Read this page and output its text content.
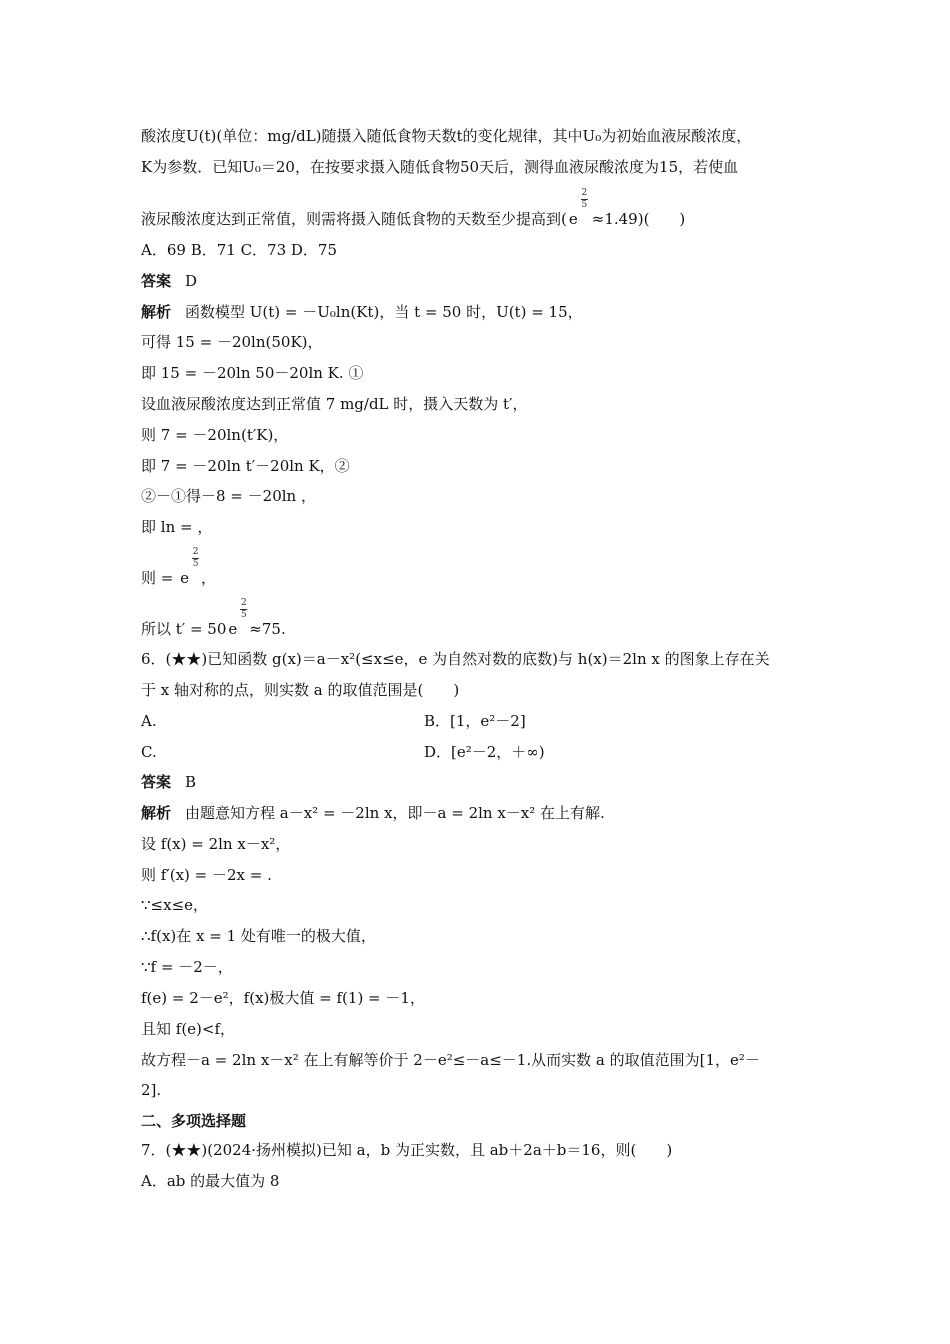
酸浓度U(t)(单位：mg/dL)随摄入随低食物天数t的变化规律，其中U₀为初始血液尿酸浓度，
K为参数．已知U₀＝20，在按要求摄入随低食物50天后，测得血液尿酸浓度为15，若使血
液尿酸浓度达到正常值，则需将摄入随低食物的天数至少提高到( e
2
5
≈1.49)(　　)
A．69 B．71 C．73 D．75
答案 D
解析 函数模型 U(t) = －U₀ln(Kt)，当 t = 50 时，U(t) = 15，
可得 15 = －20ln(50K)，
即 15 = －20ln 50－20ln K. ①
设血液尿酸浓度达到正常值 7 mg/dL 时，摄入天数为 t′，
则 7 = －20ln(t′K)，
即 7 = －20ln t′－20ln K，②
②－①得－8 = －20ln ，
即 ln = ，
则 = e
2
5
，
所以 t′ = 50 e
2
5
≈75.
6．(★★)已知函数 g(x)＝a－x²(≤x≤e，e 为自然对数的底数)与 h(x)＝2ln x 的图象上存在关
于 x 轴对称的点，则实数 a 的取值范围是(　　)
A.	B．[1，e²－2]
C.	D．[e²－2，＋∞)
答案 B
解析 由题意知方程 a－x² = －2ln x，即－a = 2ln x－x² 在上有解.
设 f(x) = 2ln x－x²，
则 f′(x) = －2x = .
∵≤x≤e，
∴f(x)在 x = 1 处有唯一的极大值，
∵f = －2－，
f(e) = 2－e²，f(x)极大值 = f(1) = －1，
且知 f(e)<f，
故方程－a = 2ln x－x² 在上有解等价于 2－e²≤－a≤－1.从而实数 a 的取值范围为[1，e²－
2].
二、多项选择题
7．(★★)(2024·扬州模拟)已知 a，b 为正实数，且 ab＋2a＋b＝16，则(　　)
A．ab 的最大值为 8
